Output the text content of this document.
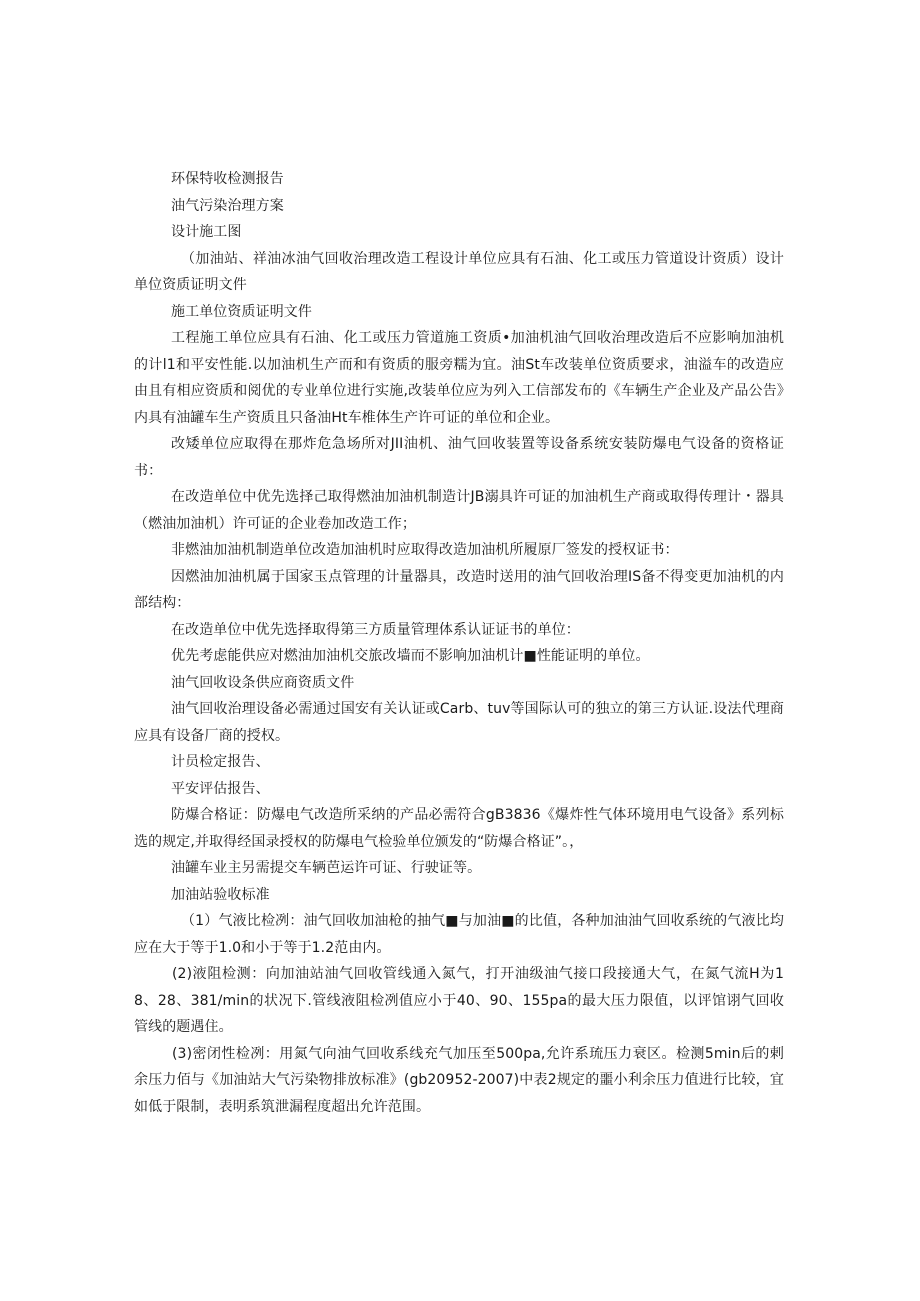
环保特收检测报告

油气污染治理方案

设计施工图

（加油站、祥油冰油气回收治理改造工程设计单位应具有石油、化工或压力管道设计资质）设计单位资质证明文件

施工单位资质证明文件

工程施工单位应具有石油、化工或压力管道施工资质•加油机油气回收治理改造后不应影响加油机的计l1和平安性能.以加油机生产而和有资质的服旁糯为宜。油St车改装单位资质要求，油溢车的改造应由且有相应资质和阅优的专业单位进行实施,改装单位应为列入工信部发布的《车辆生产企业及产品公告》内具有油罐车生产资质且只备油Ht车椎体生产许可证的单位和企业。

改矮单位应取得在那炸危急场所对JII油机、油气回收装置等设备系统安装防爆电气设备的资格证书：

在改造单位中优先选择己取得燃油加油机制造计JB溺具许可证的加油机生产商或取得传理计・器具（燃油加油机）许可证的企业卷加改造工作；

非燃油加油机制造单位改造加油机时应取得改造加油机所履原厂签发的授权证书：

因燃油加油机属于国家玉点管理的计量器具，改造时送用的油气回收治理IS备不得变更加油机的内部结构：

在改造单位中优先选择取得第三方质量管理体系认证证书的单位：

优先考虑能供应对燃油加油机交旅改墙而不影响加油机计■性能证明的单位。

油气回收设条供应商资质文件

油气回收治理设备必需通过国安有关认证或Carb、tuv等国际认可的独立的第三方认证.设法代理商应具有设备厂商的授权。

计员检定报告、

平安评估报告、

防爆合格证：防爆电气改造所采纳的产品必需符合gB3836《爆炸性气体环境用电气设备》系列标选的规定,并取得经国录授权的防爆电气检验单位颁发的“防爆合格证”。，

油罐车业主另需提交车辆芭运许可证、行驶证等。

加油站验收标准

（1）气液比检冽：油气回收加油枪的抽气■与加油■的比值，各种加油油气回收系统的气液比均应在大于等于1.0和小于等于1.2范由内。

(2)液阻检测：向加油站油气回收管线通入氮气，打开油级油气接口段接通大气，在氮气流H为18、28、381/min的状况下.管线液阻检冽值应小于40、90、155pa的最大压力限值，以评馆诩气回收管线的题遇住。

(3)密闭性检冽：用氮气向油气回收系线充气加压至500pa,允许系琉压力衰区。检测5min后的剌余压力佰与《加油站大气污染物排放标准》(gb20952-2007)中表2规定的噩小利余压力值进行比较，宜如低于限制，表明系筑泄漏程度超出允许范围。
